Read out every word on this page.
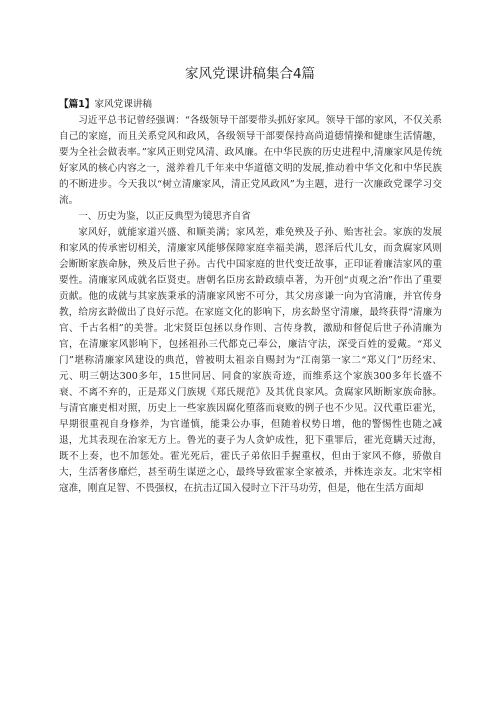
家风党课讲稿集合4篇
【篇1】家风党课讲稿

习近平总书记曾经强调：“各级领导干部要带头抓好家风。领导干部的家风，不仅关系自己的家庭，而且关系党风和政风，各级领导干部要保持高尚道德情操和健康生活情趣，要为全社会做表率。”家风正则党风清、政风廉。在中华民族的历史进程中,清廉家风是传统好家风的核心内容之一，滋养着几千年来中华道德文明的发展,推动着中华文化和中华民族的不断进步。今天我以“树立清廉家风，清正党风政风”为主题，进行一次廉政党课学习交流。

一、历史为鉴，以正反典型为镜思齐自省

家风好，就能家道兴盛、和顺美满；家风差，难免殃及子孙、贻害社会。家族的发展和家风的传承密切相关，清廉家风能够保障家庭幸福美满，恩泽后代儿女，而贪腐家风则会断断家族命脉，殃及后世子孙。古代中国家庭的世代变迁故事，正印证着廉洁家风的重要性。清廉家风成就名臣贤吏。唐朝名臣房玄龄政绩卓著，为开创“贞观之治”作出了重要贡献。他的成就与其家族秉承的清廉家风密不可分，其父房彦谦一向为官清廉，并官传身教，给房玄龄做出了良好示范。在家庭文化的影响下，房玄龄坚守清廉，最终获得“清廉为官、千古名相”的美誉。北宋贤臣包拯以身作则、言传身教，激励和督促后世子孙清廉为官，在清廉家风影响下，包拯祖孙三代都克己奉公，廉洁守法，深受百姓的爱戴。“郑义门”堪称清廉家风建设的典范，曾被明太祖亲自赐封为“江南第一家二“郑义门”历经宋、元、明三朝达300多年，15世同居、同食的家族奇迹，而维系这个家族300多年长盛不衰、不离不弃的，正是郑义门族规《郑氏规范》及其优良家风。贪腐家风断断家族命脉。与清官廉吏相对照，历史上一些家族因腐化堕落而衰败的例子也不少见。汉代重臣霍光，早期很重视自身修养，为官谨慎，能秉公办事，但随着权势日增，他的警惕性也随之减退，尤其表现在治家无方上。鲁光的妻子为人贪妒成性，犯下重罪后，霍光竟瞒天过海，既不上奏，也不加惩处。霍光死后，霍氏子弟依旧手握重权，但由于家风不修，骄傲自大，生活奢侈靡烂，甚至萌生谋逆之心，最终导致霍家全家被杀，并株连亲友。北宋宰相寇准，刚直足智、不畏强权，在抗击辽国入侵时立下汗马功劳，但是，他在生活方面却
